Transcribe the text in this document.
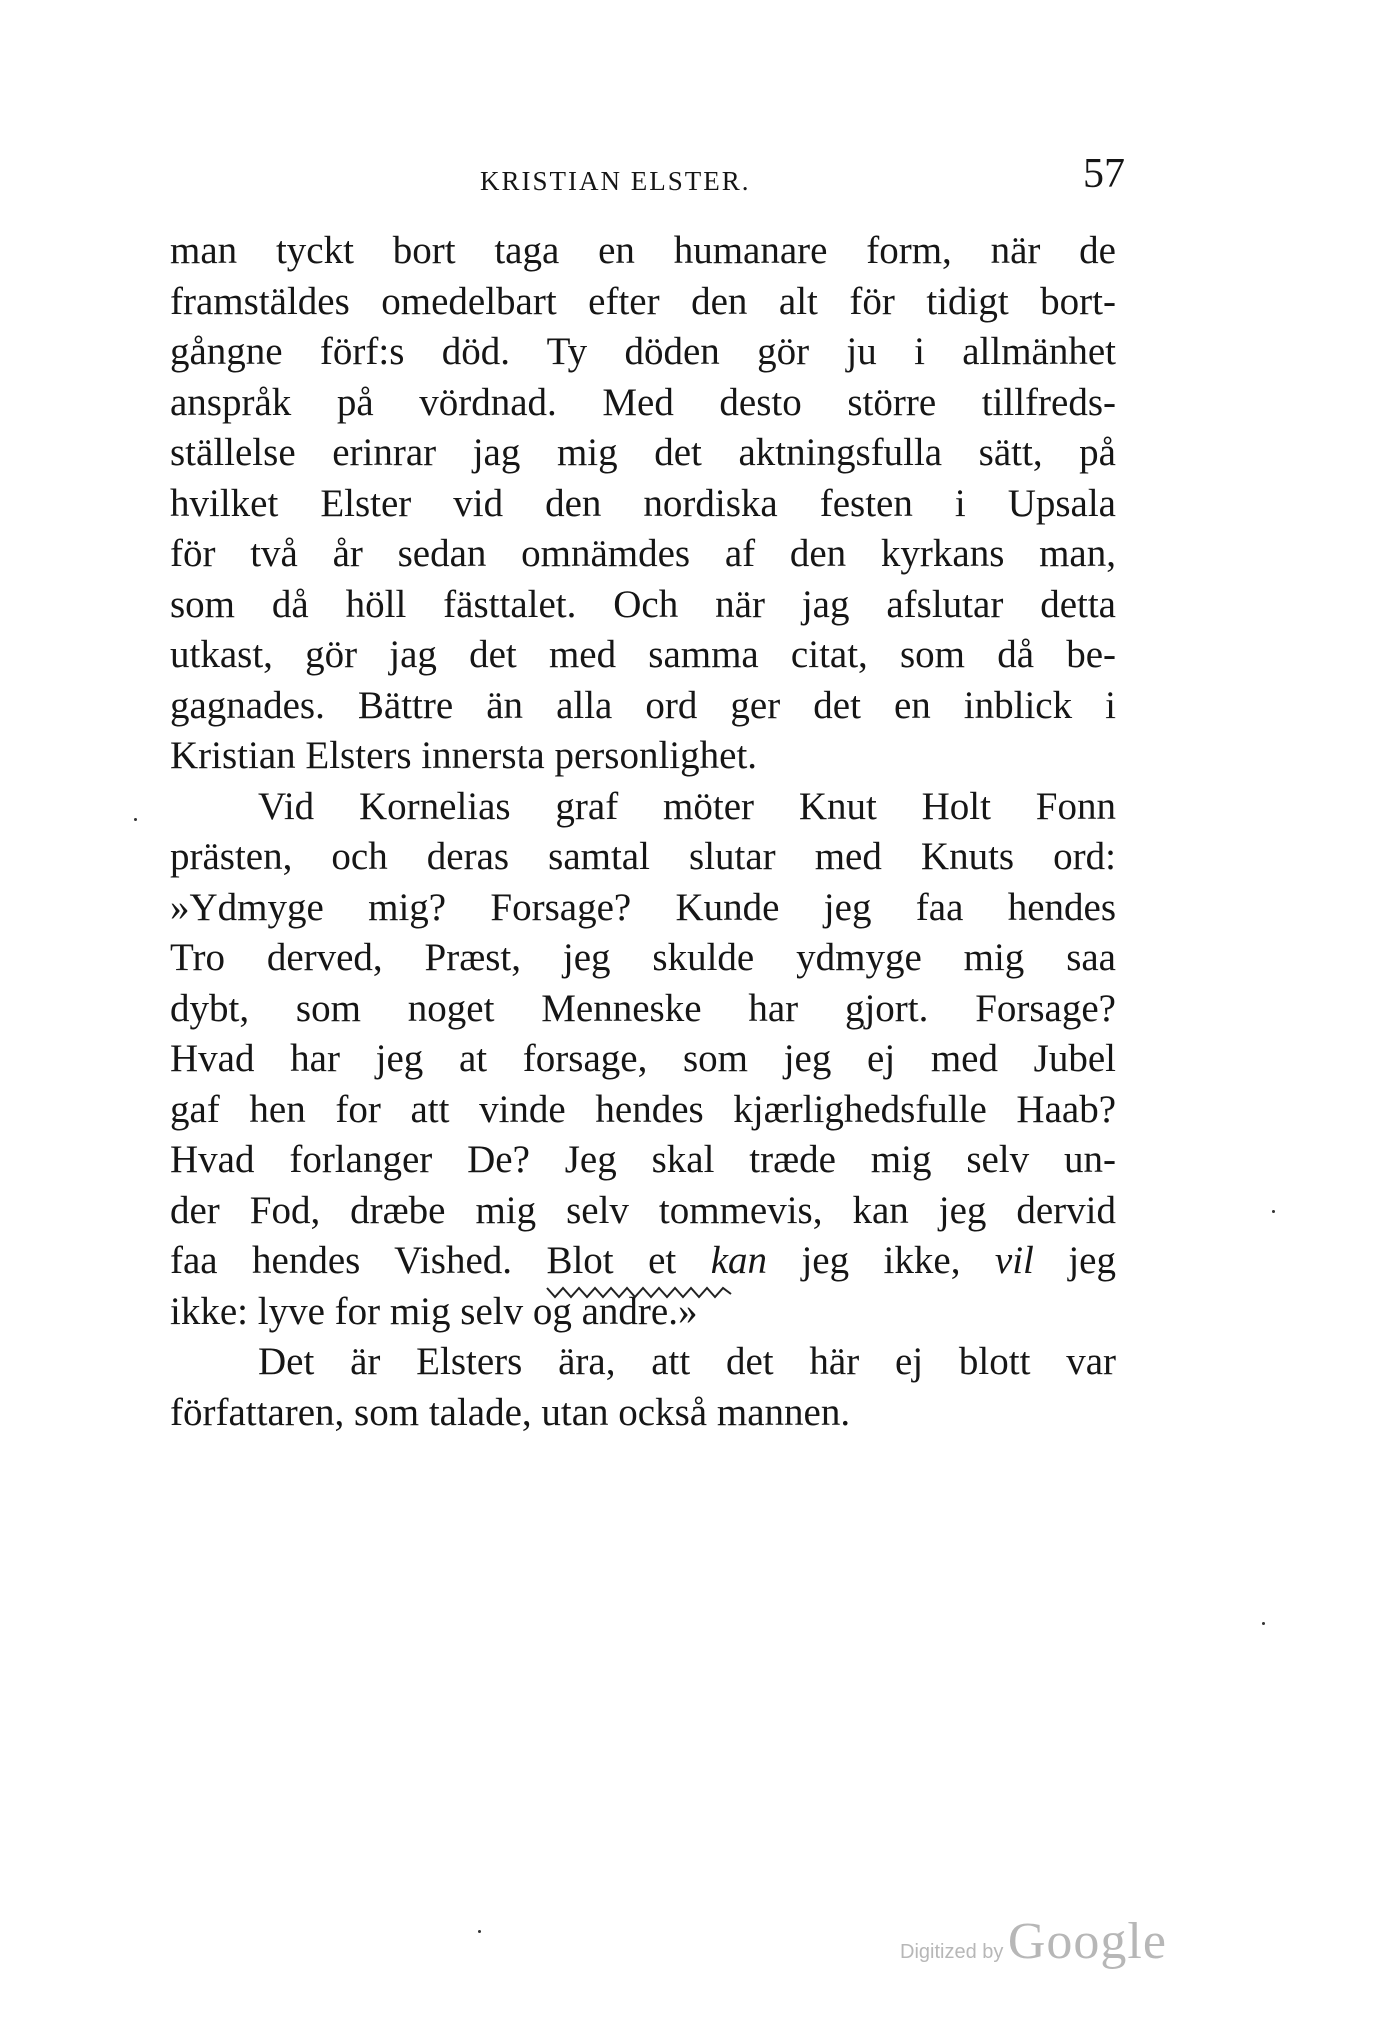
KRISTIAN ELSTER.	57
man tyckt bort taga en humanare form, när de
framstäldes omedelbart efter den alt för tidigt bort-
gångne förf:s död. Ty döden gör ju i allmänhet
anspråk på vördnad. Med desto större tillfreds-
ställelse erinrar jag mig det aktningsfulla sätt, på
hvilket Elster vid den nordiska festen i Upsala
för två år sedan omnämdes af den kyrkans man,
som då höll fästtalet. Och när jag afslutar detta
utkast, gör jag det med samma citat, som då be-
gagnades. Bättre än alla ord ger det en inblick i
Kristian Elsters innersta personlighet.
Vid Kornelias graf möter Knut Holt Fonn
prästen, och deras samtal slutar med Knuts ord:
»Ydmyge mig? Forsage? Kunde jeg faa hendes
Tro derved, Præst, jeg skulde ydmyge mig saa
dybt, som noget Menneske har gjort. Forsage?
Hvad har jeg at forsage, som jeg ej med Jubel
gaf hen for att vinde hendes kjærlighedsfulle Haab?
Hvad forlanger De? Jeg skal træde mig selv un-
der Fod, dræbe mig selv tommevis, kan jeg dervid
faa hendes Vished. Blot et kan jeg ikke, vil jeg
ikke: lyve for mig selv og andre.»
Det är Elsters ära, att det här ej blott var
författaren, som talade, utan också mannen.
Digitized by Google
